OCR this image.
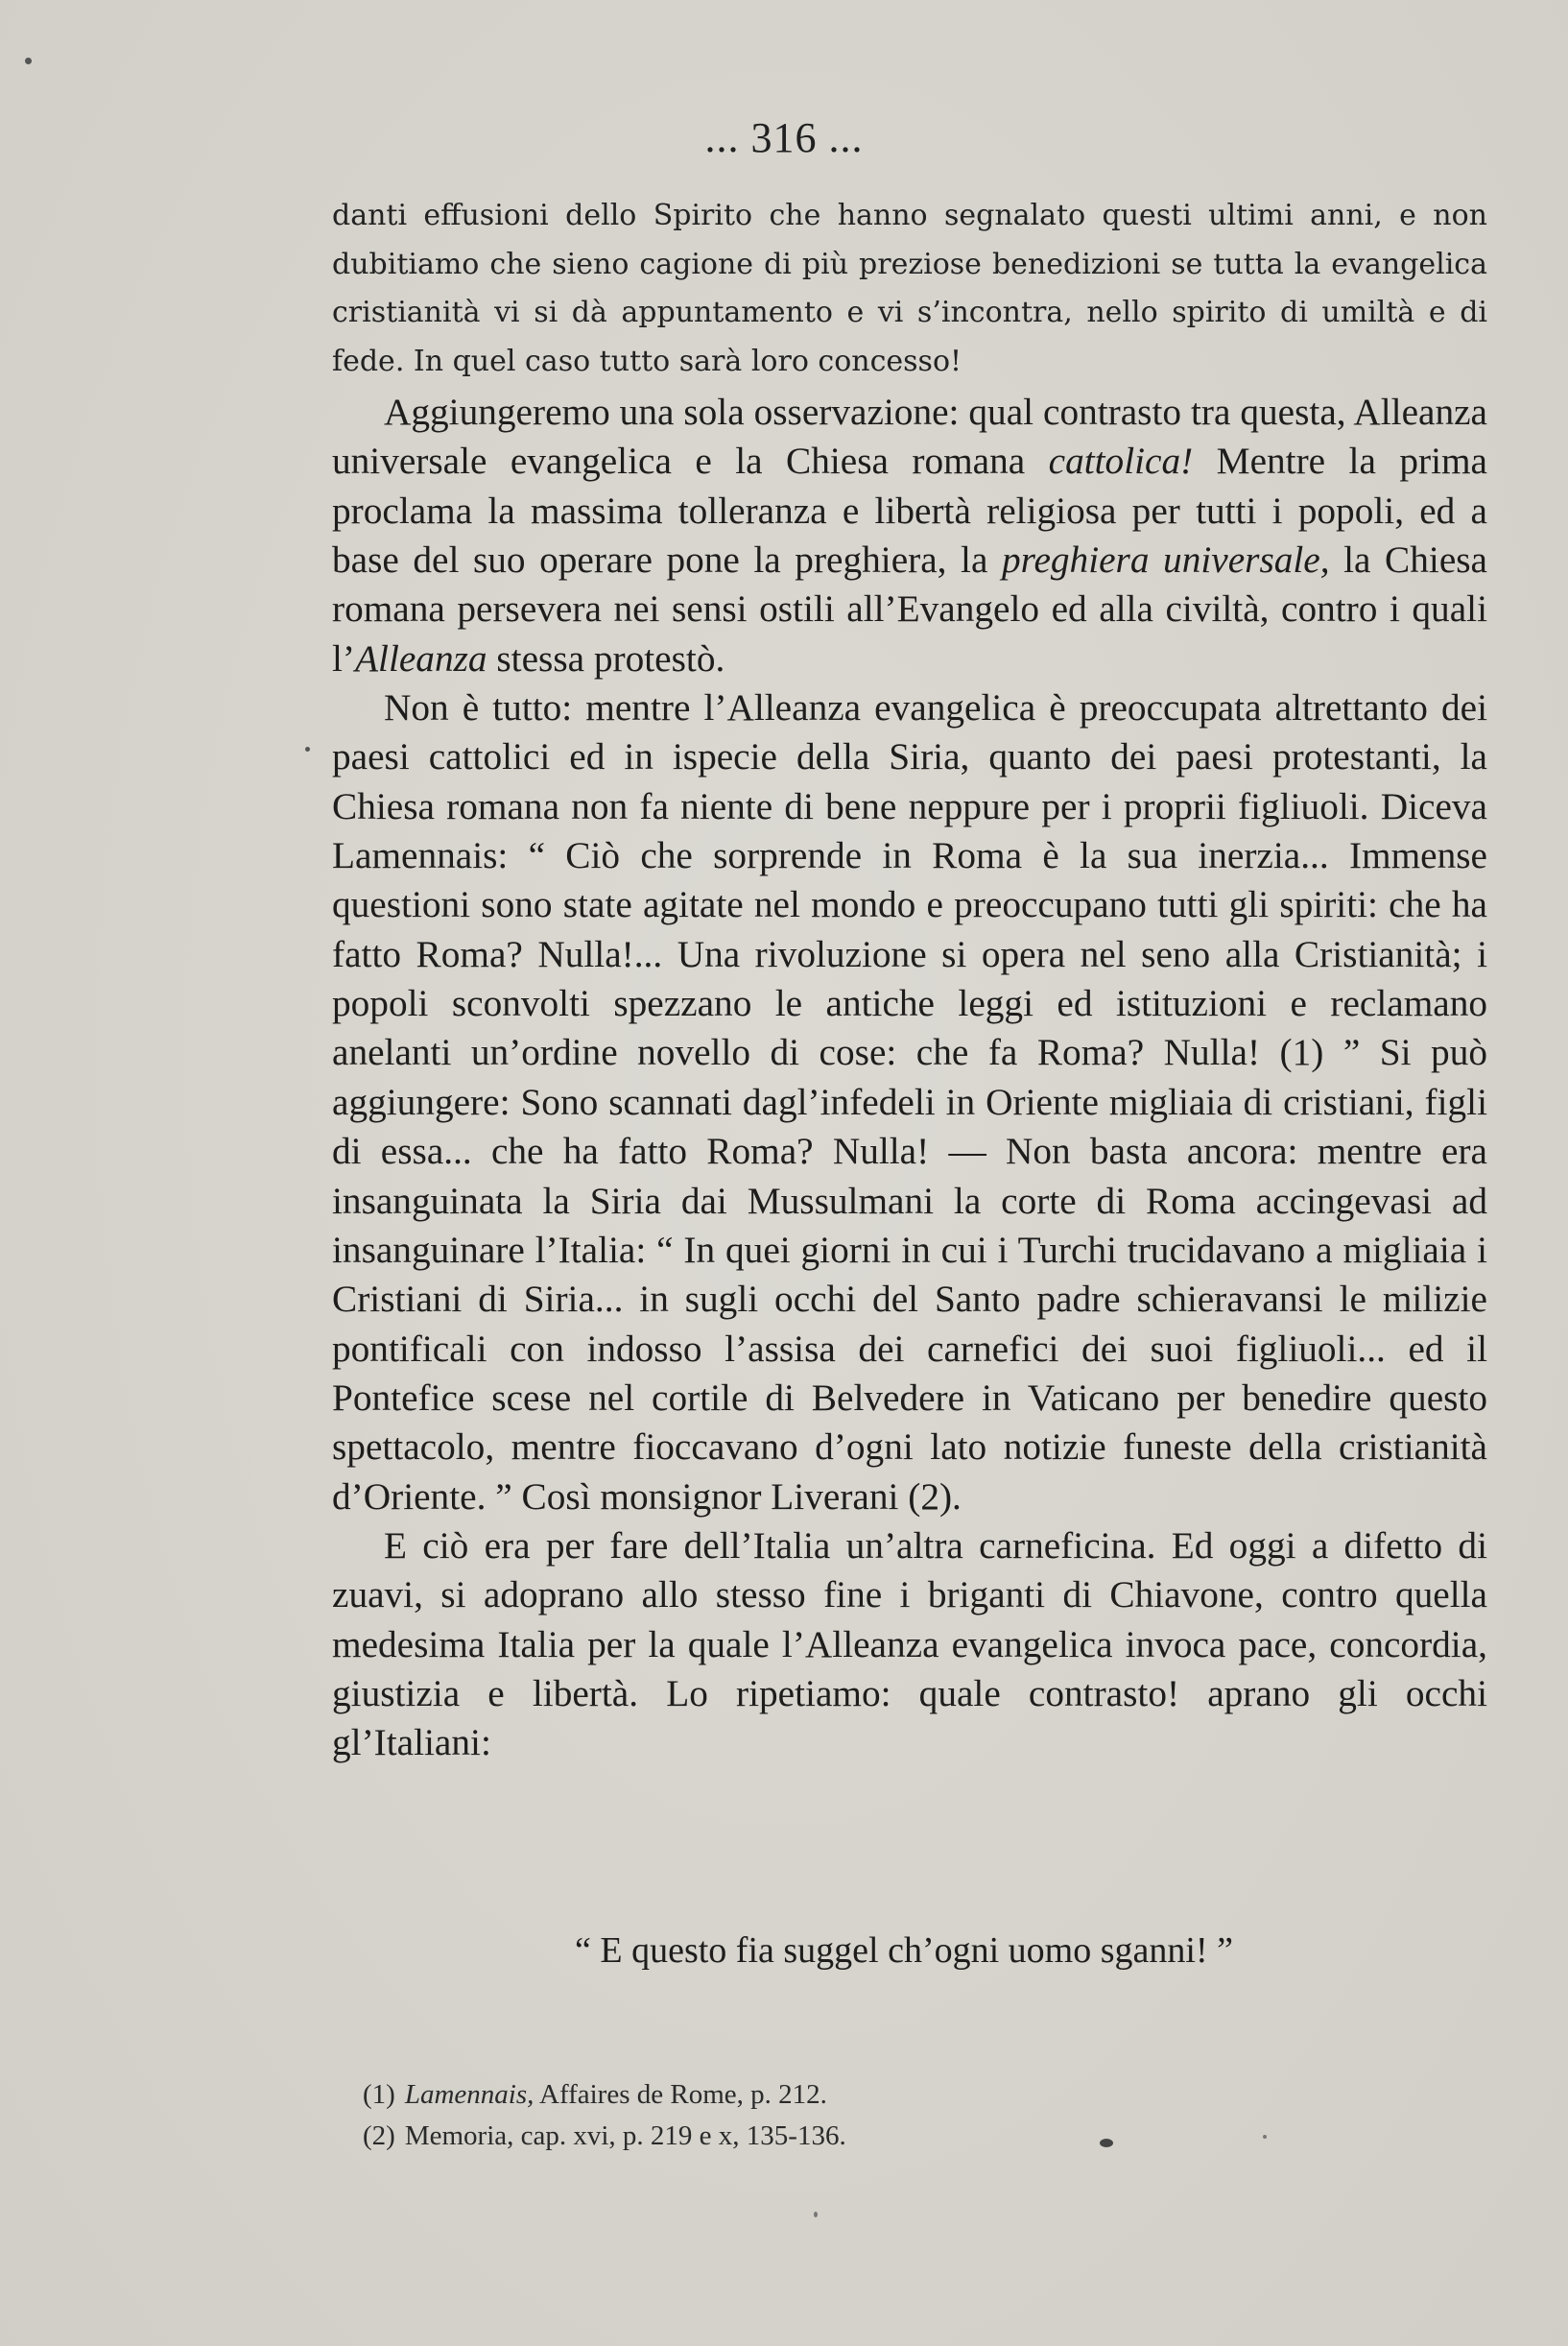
... 316 ...

danti effusioni dello Spirito che hanno segnalato questi ultimi anni, e non dubitiamo che sieno cagione di più preziose benedizioni se tutta la evangelica cristianità vi si dà appuntamento e vi s’incontra, nello spirito di umiltà e di fede. In quel caso tutto sarà loro concesso!

Aggiungeremo una sola osservazione: qual contrasto tra questa, Alleanza universale evangelica e la Chiesa romana cattolica! Mentre la prima proclama la massima tolleranza e libertà religiosa per tutti i popoli, ed a base del suo operare pone la preghiera, la preghiera universale, la Chiesa romana persevera nei sensi ostili all’Evangelo ed alla civiltà, contro i quali l’Alleanza stessa protestò.

Non è tutto: mentre l’Alleanza evangelica è preoccupata altrettanto dei paesi cattolici ed in ispecie della Siria, quanto dei paesi protestanti, la Chiesa romana non fa niente di bene neppure per i proprii figliuoli. Diceva Lamennais: “ Ciò che sorprende in Roma è la sua inerzia... Immense questioni sono state agitate nel mondo e preoccupano tutti gli spiriti: che ha fatto Roma? Nulla!... Una rivoluzione si opera nel seno alla Cristianità; i popoli sconvolti spezzano le antiche leggi ed istituzioni e reclamano anelanti un’ordine novello di cose: che fa Roma? Nulla! (1) ” Si può aggiungere: Sono scannati dagl’infedeli in Oriente migliaia di cristiani, figli di essa... che ha fatto Roma? Nulla! — Non basta ancora: mentre era insanguinata la Siria dai Mussulmani la corte di Roma accingevasi ad insanguinare l’Italia: “ In quei giorni in cui i Turchi trucidavano a migliaia i Cristiani di Siria... in sugli occhi del Santo padre schieravansi le milizie pontificali con indosso l’assisa dei carnefici dei suoi figliuoli... ed il Pontefice scese nel cortile di Belvedere in Vaticano per benedire questo spettacolo, mentre fioccavano d’ogni lato notizie funeste della cristianità d’Oriente. ” Così monsignor Liverani (2).

E ciò era per fare dell’Italia un’altra carneficina. Ed oggi a difetto di zuavi, si adoprano allo stesso fine i briganti di Chiavone, contro quella medesima Italia per la quale l’Alleanza evangelica invoca pace, concordia, giustizia e libertà. Lo ripetiamo: quale contrasto! aprano gli occhi gl’Italiani:

“ E questo fia suggel ch’ogni uomo sganni! ”

(1) Lamennais, Affaires de Rome, p. 212.

(2) Memoria, cap. xvi, p. 219 e x, 135-136.
